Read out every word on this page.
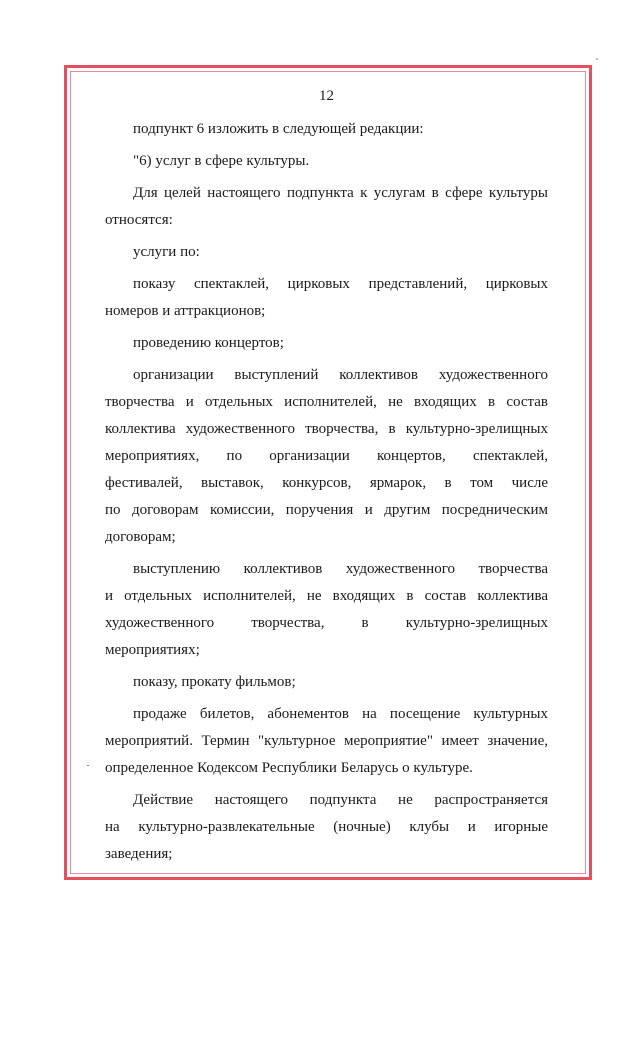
12
подпункт 6 изложить в следующей редакции:
"6) услуг в сфере культуры.
Для целей настоящего подпункта к услугам в сфере культуры
относятся:
услуги по:
показу спектаклей, цирковых представлений, цирковых
номеров и аттракционов;
проведению концертов;
организации выступлений коллективов художественного
творчества и отдельных исполнителей, не входящих в состав
коллектива художественного творчества, в культурно-зрелищных
мероприятиях, по организации концертов, спектаклей,
фестивалей, выставок, конкурсов, ярмарок, в том числе
по договорам комиссии, поручения и другим посредническим
договорам;
выступлению коллективов художественного творчества
и отдельных исполнителей, не входящих в состав коллектива
художественного творчества, в культурно-зрелищных
мероприятиях;
показу, прокату фильмов;
продаже билетов, абонементов на посещение культурных
мероприятий. Термин "культурное мероприятие" имеет значение,
определенное Кодексом Республики Беларусь о культуре.
Действие настоящего подпункта не распространяется
на культурно-развлекательные (ночные) клубы и игорные
заведения;
